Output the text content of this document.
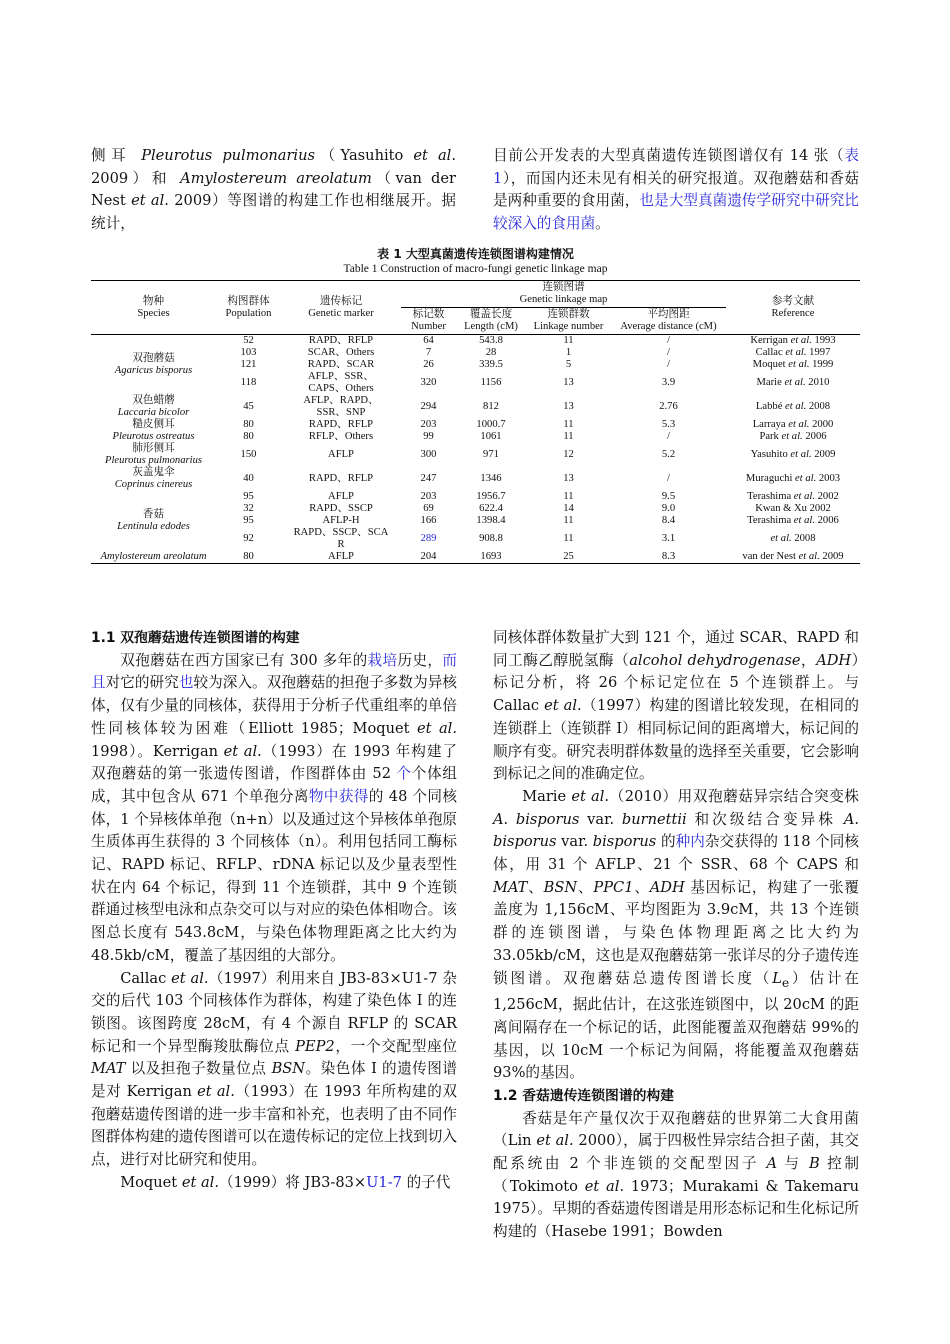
侧耳 Pleurotus pulmonarius（Yasuhito et al. 2009）和 Amylostereum areolatum（van der Nest et al. 2009）等图谱的构建工作也相继展开。据统计，

目前公开发表的大型真菌遗传连锁图谱仅有 14 张（表 1），而国内还未见有相关的研究报道。双孢蘑菇和香菇是两种重要的食用菌，也是大型真菌遗传学研究中研究比较深入的食用菌。

表 1 大型真菌遗传连锁图谱构建情况
Table 1 Construction of macro-fungi genetic linkage map
物种
Species	构图群体
Population	遗传标记
Genetic marker	连锁图谱
Genetic linkage map				参考文献
Reference
			标记数
Number	覆盖长度
Length (cM)	连锁群数
Linkage number	平均图距
Average distance (cM)	
双孢蘑菇
Agaricus bisporus	52	RAPD、RFLP	64	543.8	11	/	Kerrigan et al. 1993
	103	SCAR、Others	7	28	1	/	Callac et al. 1997
	121	RAPD、SCAR	26	339.5	5	/	Moquet et al. 1999
	118	AFLP、SSR、
CAPS、Others	320	1156	13	3.9	Marie et al. 2010
双色蜡蘑
Laccaria bicolor	45	AFLP、RAPD、
SSR、SNP	294	812	13	2.76	Labbé et al. 2008
糙皮侧耳
Pleurotus ostreatus	80	RAPD、RFLP	203	1000.7	11	5.3	Larraya et al. 2000
	80	RFLP、Others	99	1061	11	/	Park et al. 2006
肺形侧耳
Pleurotus pulmonarius	150	AFLP	300	971	12	5.2	Yasuhito et al. 2009
灰盖鬼伞
Coprinus cinereus	40	RAPD、RFLP	247	1346	13	/	Muraguchi et al. 2003
香菇
Lentinula edodes	95	AFLP	203	1956.7	11	9.5	Terashima et al. 2002
	32	RAPD、SSCP	69	622.4	14	9.0	Kwan & Xu 2002
	95	AFLP-H	166	1398.4	11	8.4	Terashima et al. 2006
	92	RAPD、SSCP、SCA
R	289	908.8	11	3.1	et al. 2008
Amylostereum areolatum	80	AFLP	204	1693	25	8.3	van der Nest et al. 2009
1.1 双孢蘑菇遗传连锁图谱的构建

双孢蘑菇在西方国家已有 300 多年的栽培历史，而且对它的研究也较为深入。双孢蘑菇的担孢子多数为异核体，仅有少量的同核体，获得用于分析子代重组率的单倍性同核体较为困难（Elliott 1985；Moquet et al. 1998）。Kerrigan et al.（1993）在 1993 年构建了双孢蘑菇的第一张遗传图谱，作图群体由 52 个个体组成，其中包含从 671 个单孢分离物中获得的 48 个同核体，1 个异核体单孢（n+n）以及通过这个异核体单孢原生质体再生获得的 3 个同核体（n）。利用包括同工酶标记、RAPD 标记、RFLP、rDNA 标记以及少量表型性状在内 64 个标记，得到 11 个连锁群，其中 9 个连锁群通过核型电泳和点杂交可以与对应的染色体相吻合。该图总长度有 543.8cM，与染色体物理距离之比大约为 48.5kb/cM，覆盖了基因组的大部分。

Callac et al.（1997）利用来自 JB3-83×U1-7 杂交的后代 103 个同核体作为群体，构建了染色体 I 的连锁图。该图跨度 28cM，有 4 个源自 RFLP 的 SCAR 标记和一个异型酶羧肽酶位点 PEP2，一个交配型座位 MAT 以及担孢子数量位点 BSN。染色体 I 的遗传图谱是对 Kerrigan et al.（1993）在 1993 年所构建的双孢蘑菇遗传图谱的进一步丰富和补充，也表明了由不同作图群体构建的遗传图谱可以在遗传标记的定位上找到切入点，进行对比研究和使用。

Moquet et al.（1999）将 JB3-83×U1-7 的子代

同核体群体数量扩大到 121 个，通过 SCAR、RAPD 和同工酶乙醇脱氢酶（alcohol dehydrogenase，ADH）标记分析，将 26 个标记定位在 5 个连锁群上。与 Callac et al.（1997）构建的图谱比较发现，在相同的连锁群上（连锁群 I）相同标记间的距离增大，标记间的顺序有变。研究表明群体数量的选择至关重要，它会影响到标记之间的准确定位。

Marie et al.（2010）用双孢蘑菇异宗结合突变株 A. bisporus var. burnettii 和次级结合变异株 A. bisporus var. bisporus 的种内杂交获得的 118 个同核体，用 31 个 AFLP、21 个 SSR、68 个 CAPS 和 MAT、BSN、PPC1、ADH 基因标记，构建了一张覆盖度为 1,156cM、平均图距为 3.9cM，共 13 个连锁群的连锁图谱，与染色体物理距离之比大约为 33.05kb/cM，这也是双孢蘑菇第一张详尽的分子遗传连锁图谱。双孢蘑菇总遗传图谱长度$(L_e)$估计在 1,256cM，据此估计，在这张连锁图中，以 20cM 的距离间隔存在一个标记的话，此图能覆盖双孢蘑菇 99%的基因，以 10cM 一个标记为间隔，将能覆盖双孢蘑菇 93%的基因。

1.2 香菇遗传连锁图谱的构建

香菇是年产量仅次于双孢蘑菇的世界第二大食用菌（Lin et al. 2000），属于四极性异宗结合担子菌，其交配系统由 2 个非连锁的交配型因子 A 与 B 控制（Tokimoto et al. 1973；Murakami & Takemaru 1975）。早期的香菇遗传图谱是用形态标记和生化标记所构建的（Hasebe 1991；Bowden
